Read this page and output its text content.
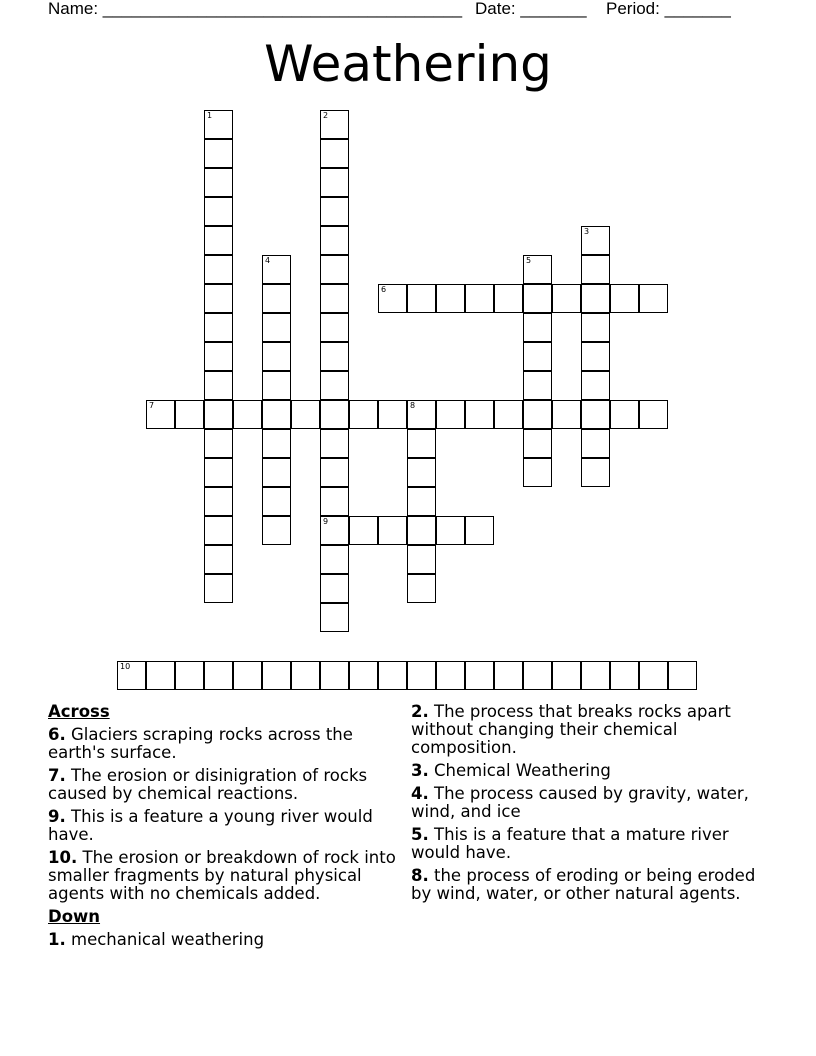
Name: ______________________________________ Date: _______ Period: _______
Weathering
1	2
9
3
4	5
6
7	8
10
Across
6. Glaciers scraping rocks across the earth's surface.
7. The erosion or disinigration of rocks caused by chemical reactions.
9. This is a feature a young river would have.
10. The erosion or breakdown of rock into smaller fragments by natural physical agents with no chemicals added.
Down
1. mechanical weathering
2. The process that breaks rocks apart without changing their chemical composition.
3. Chemical Weathering
4. The process caused by gravity, water, wind, and ice
5. This is a feature that a mature river would have.
8. the process of eroding or being eroded by wind, water, or other natural agents.
